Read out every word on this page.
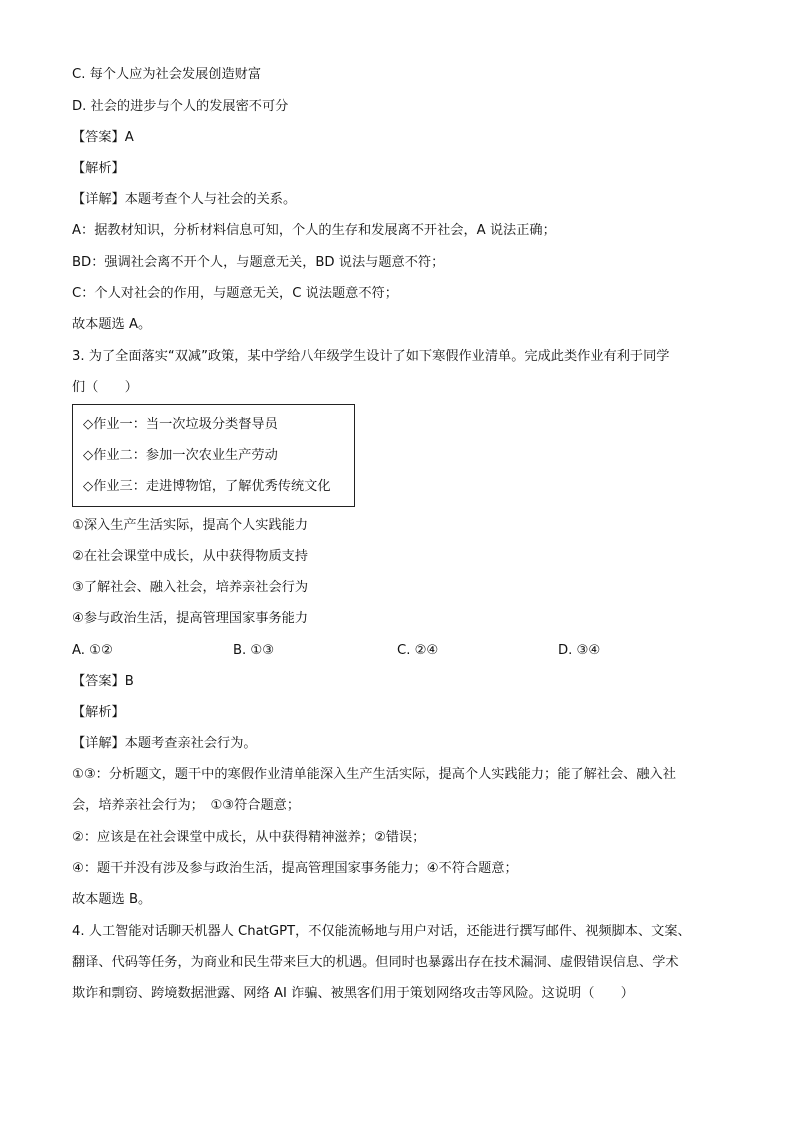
C. 每个人应为社会发展创造财富
D. 社会的进步与个人的发展密不可分
【答案】A
【解析】
【详解】本题考查个人与社会的关系。
A：据教材知识，分析材料信息可知，个人的生存和发展离不开社会，A 说法正确；
BD：强调社会离不开个人，与题意无关，BD 说法与题意不符；
C：个人对社会的作用，与题意无关，C 说法题意不符；
故本题选 A。
3. 为了全面落实“双减”政策，某中学给八年级学生设计了如下寒假作业清单。完成此类作业有利于同学
们（　　）
◇作业一：当一次垃圾分类督导员
◇作业二：参加一次农业生产劳动
◇作业三：走进博物馆，了解优秀传统文化
①深入生产生活实际，提高个人实践能力
②在社会课堂中成长，从中获得物质支持
③了解社会、融入社会，培养亲社会行为
④参与政治生活，提高管理国家事务能力
A. ①②	B. ①③	C. ②④	D. ③④
【答案】B
【解析】
【详解】本题考查亲社会行为。
①③：分析题文，题干中的寒假作业清单能深入生产生活实际，提高个人实践能力；能了解社会、融入社
会，培养亲社会行为；　①③符合题意；
②：应该是在社会课堂中成长，从中获得精神滋养；②错误；
④：题干并没有涉及参与政治生活，提高管理国家事务能力；④不符合题意；
故本题选 B。
4. 人工智能对话聊天机器人 ChatGPT，不仅能流畅地与用户对话，还能进行撰写邮件、视频脚本、文案、
翻译、代码等任务，为商业和民生带来巨大的机遇。但同时也暴露出存在技术漏洞、虚假错误信息、学术
欺诈和剽窃、跨境数据泄露、网络 AI 诈骗、被黑客们用于策划网络攻击等风险。这说明（　　）
